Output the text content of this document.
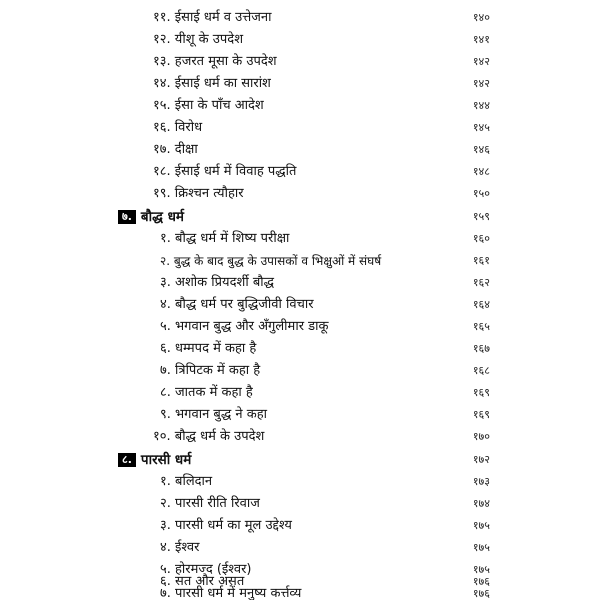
११. ईसाई धर्म व उत्तेजना	१४०
१२. यीशू के उपदेश	१४१
१३. हजरत मूसा के उपदेश	१४२
१४. ईसाई धर्म का सारांश	१४२
१५. ईसा के पाँच आदेश	१४४
१६. विरोध	१४५
१७. दीक्षा	१४६
१८. ईसाई धर्म में विवाह पद्धति	१४८
१९. क्रिश्चन त्यौहार	१५०
७. बौद्ध धर्म	१५९
१. बौद्ध धर्म में शिष्य परीक्षा	१६०
२. बुद्ध के बाद बुद्ध के उपासकों व भिक्षुओं में संघर्ष	१६१
३. अशोक प्रियदर्शी बौद्ध	१६२
४. बौद्ध धर्म पर बुद्धिजीवी विचार	१६४
५. भगवान बुद्ध और अँगुलीमार डाकू	१६५
६. धम्मपद में कहा है	१६७
७. त्रिपिटक में कहा है	१६८
८. जातक में कहा है	१६९
९. भगवान बुद्ध ने कहा	१६९
१०. बौद्ध धर्म के उपदेश	१७०
८. पारसी धर्म	१७२
१. बलिदान	१७३
२. पारसी रीति रिवाज	१७४
३. पारसी धर्म का मूल उद्देश्य	१७५
४. ईश्वर	१७५
५. होरमज्द (ईश्वर)	१७५
६. सत और असत	१७६
७. पारसी धर्म में मनुष्य कर्त्तव्य	१७६
